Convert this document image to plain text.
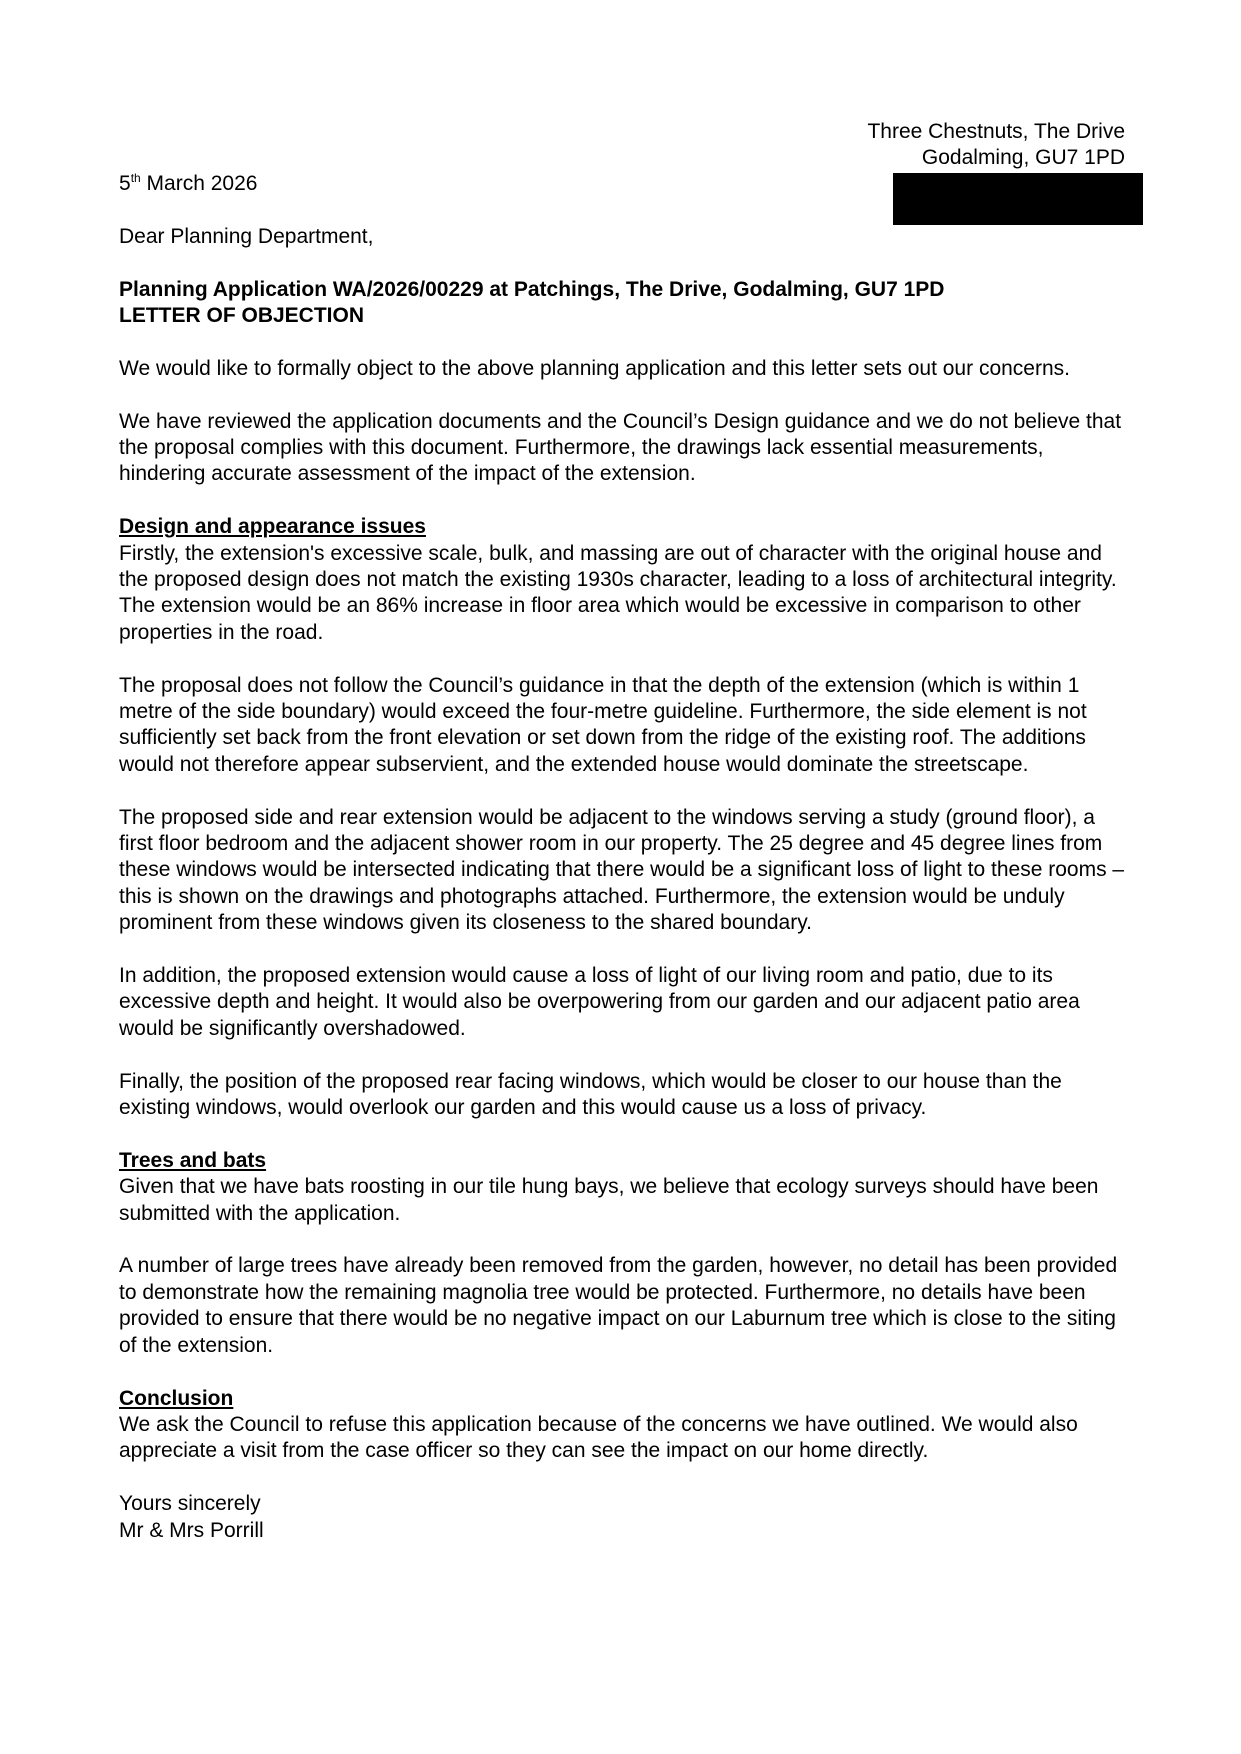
Three Chestnuts, The Drive
Godalming, GU7 1PD

5th March 2026

Dear Planning Department,

Planning Application WA/2026/00229 at Patchings, The Drive, Godalming, GU7 1PD
LETTER OF OBJECTION

We would like to formally object to the above planning application and this letter sets out our concerns.

We have reviewed the application documents and the Council’s Design guidance and we do not believe that the proposal complies with this document. Furthermore, the drawings lack essential measurements, hindering accurate assessment of the impact of the extension.

Design and appearance issues

Firstly, the extension's excessive scale, bulk, and massing are out of character with the original house and the proposed design does not match the existing 1930s character, leading to a loss of architectural integrity. The extension would be an 86% increase in floor area which would be excessive in comparison to other properties in the road.

The proposal does not follow the Council’s guidance in that the depth of the extension (which is within 1 metre of the side boundary) would exceed the four-metre guideline. Furthermore, the side element is not sufficiently set back from the front elevation or set down from the ridge of the existing roof. The additions would not therefore appear subservient, and the extended house would dominate the streetscape.

The proposed side and rear extension would be adjacent to the windows serving a study (ground floor), a first floor bedroom and the adjacent shower room in our property. The 25 degree and 45 degree lines from these windows would be intersected indicating that there would be a significant loss of light to these rooms – this is shown on the drawings and photographs attached. Furthermore, the extension would be unduly prominent from these windows given its closeness to the shared boundary.

In addition, the proposed extension would cause a loss of light of our living room and patio, due to its excessive depth and height. It would also be overpowering from our garden and our adjacent patio area would be significantly overshadowed.

Finally, the position of the proposed rear facing windows, which would be closer to our house than the existing windows, would overlook our garden and this would cause us a loss of privacy.

Trees and bats

Given that we have bats roosting in our tile hung bays, we believe that ecology surveys should have been submitted with the application.

A number of large trees have already been removed from the garden, however, no detail has been provided to demonstrate how the remaining magnolia tree would be protected. Furthermore, no details have been provided to ensure that there would be no negative impact on our Laburnum tree which is close to the siting of the extension.

Conclusion

We ask the Council to refuse this application because of the concerns we have outlined. We would also appreciate a visit from the case officer so they can see the impact on our home directly.

Yours sincerely
Mr & Mrs Porrill
